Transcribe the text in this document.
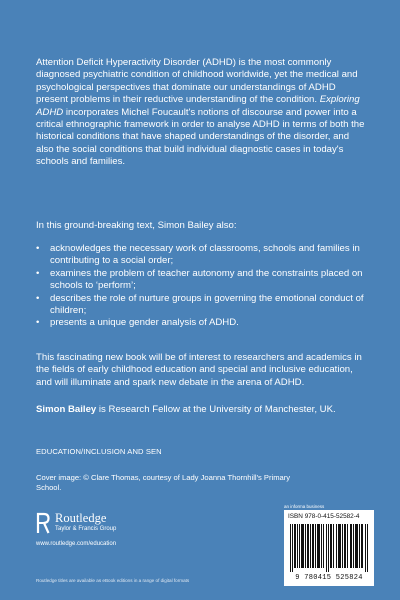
Attention Deficit Hyperactivity Disorder (ADHD) is the most commonly diagnosed psychiatric condition of childhood worldwide, yet the medical and psychological perspectives that dominate our understandings of ADHD present problems in their reductive understanding of the condition. Exploring ADHD incorporates Michel Foucault's notions of discourse and power into a critical ethnographic framework in order to analyse ADHD in terms of both the historical conditions that have shaped understandings of the disorder, and also the social conditions that build individual diagnostic cases in today's schools and families.

In this ground-breaking text, Simon Bailey also:

• acknowledges the necessary work of classrooms, schools and families in contributing to a social order;
• examines the problem of teacher autonomy and the constraints placed on schools to ‘perform’;
• describes the role of nurture groups in governing the emotional conduct of children;
• presents a unique gender analysis of ADHD.

This fascinating new book will be of interest to researchers and academics in the fields of early childhood education and special and inclusive education, and will illuminate and spark new debate in the arena of ADHD.

Simon Bailey is Research Fellow at the University of Manchester, UK.

EDUCATION/INCLUSION AND SEN
Cover image: © Clare Thomas, courtesy of Lady Joanna Thornhill's Primary School.
Routledge
Taylor & Francis Group
www.routledge.com/education
an informa business
ISBN 978-0-415-52582-4
9 780415 525824
Routledge titles are available as eBook editions in a range of digital formats
